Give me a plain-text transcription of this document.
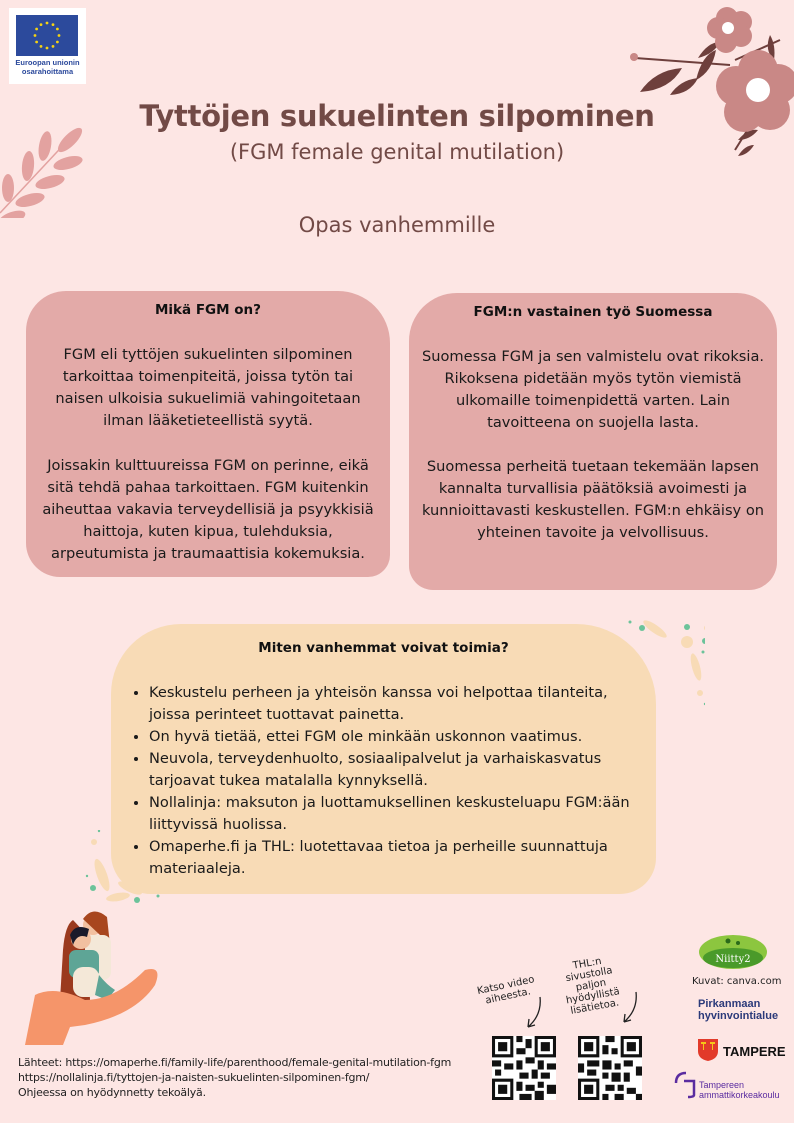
Euroopan unionin osarahoittama
Tyttöjen sukuelinten silpominen
(FGM female genital mutilation)
Opas vanhemmille
Mikä FGM on?
FGM eli tyttöjen sukuelinten silpominen tarkoittaa toimenpiteitä, joissa tytön tai naisen ulkoisia sukuelimiä vahingoitetaan ilman lääketieteellistä syytä.
Joissakin kulttuureissa FGM on perinne, eikä sitä tehdä pahaa tarkoittaen. FGM kuitenkin aiheuttaa vakavia terveydellisiä ja psyykkisiä haittoja, kuten kipua, tulehduksia, arpeutumista ja traumaattisia kokemuksia.
FGM:n vastainen työ Suomessa
Suomessa FGM ja sen valmistelu ovat rikoksia. Rikoksena pidetään myös tytön viemistä ulkomaille toimenpidettä varten. Lain tavoitteena on suojella lasta.
Suomessa perheitä tuetaan tekemään lapsen kannalta turvallisia päätöksiä avoimesti ja kunnioittavasti keskustellen. FGM:n ehkäisy on yhteinen tavoite ja velvollisuus.
Miten vanhemmat voivat toimia?
• Keskustelu perheen ja yhteisön kanssa voi helpottaa tilanteita, joissa perinteet tuottavat painetta.
• On hyvä tietää, ettei FGM ole minkään uskonnon vaatimus.
• Neuvola, terveydenhuolto, sosiaalipalvelut ja varhaiskasvatus tarjoavat tukea matalalla kynnyksellä.
• Nollalinja: maksuton ja luottamuksellinen keskusteluapu FGM:ään liittyvissä huolissa.
• Omaperhe.fi ja THL: luotettavaa tietoa ja perheille suunnattuja materiaaleja.
Katso video aiheesta.
THL:n sivustolla paljon hyödyllistä lisätietoa.
Niitty2
Kuvat: canva.com
Pirkanmaan hyvinvointialue
TAMPERE
Tampereen ammattikorkeakoulu
Lähteet: https://omaperhe.fi/family-life/parenthood/female-genital-mutilation-fgm
https://nollalinja.fi/tyttojen-ja-naisten-sukuelinten-silpominen-fgm/
Ohjeessa on hyödynnetty tekoälyä.
